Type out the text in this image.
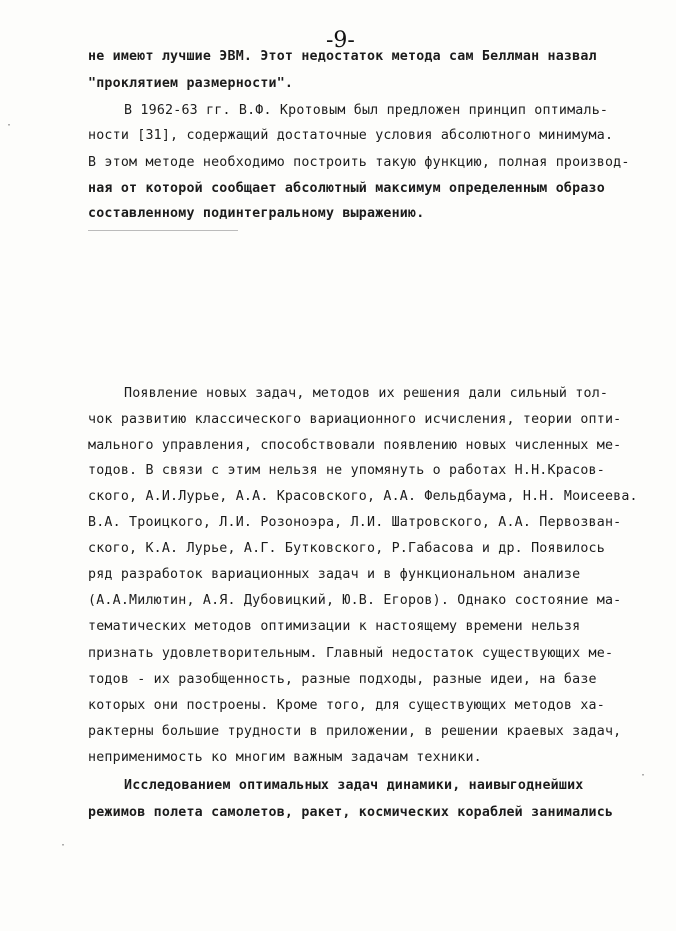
-9-
не имеют лучшие ЭВМ. Этот недостаток метода сам Беллман назвал
"проклятием размерности".
В 1962-63 гг. В.Ф. Кротовым был предложен принцип оптималь-
ности [31], содержащий достаточные условия абсолютного минимума.
В этом методе необходимо построить такую функцию, полная производ-
ная от которой сообщает абсолютный максимум определенным образо
составленному подинтегральному выражению.
Появление новых задач, методов их решения дали сильный тол-
чок развитию классического вариационного исчисления, теории опти-
мального управления, способствовали появлению новых численных ме-
тодов. В связи с этим нельзя не упомянуть о работах Н.Н.Красов-
ского, А.И.Лурье, А.А. Красовского, А.А. Фельдбаума, Н.Н. Моисеева.
В.А. Троицкого, Л.И. Розоноэра, Л.И. Шатровского, А.А. Первозван-
ского, К.А. Лурье, А.Г. Бутковского, Р.Габасова и др. Появилось
ряд разработок вариационных задач и в функциональном анализе
(А.А.Милютин, А.Я. Дубовицкий, Ю.В. Егоров). Однако состояние ма-
тематических методов оптимизации к настоящему времени нельзя
признать удовлетворительным. Главный недостаток существующих ме-
тодов - их разобщенность, разные подходы, разные идеи, на базе
которых они построены. Кроме того, для существующих методов ха-
рактерны большие трудности в приложении, в решении краевых задач,
неприменимость ко многим важным задачам техники.
Исследованием оптимальных задач динамики, наивыгоднейших
режимов полета самолетов, ракет, космических кораблей занимались
·
·
·
